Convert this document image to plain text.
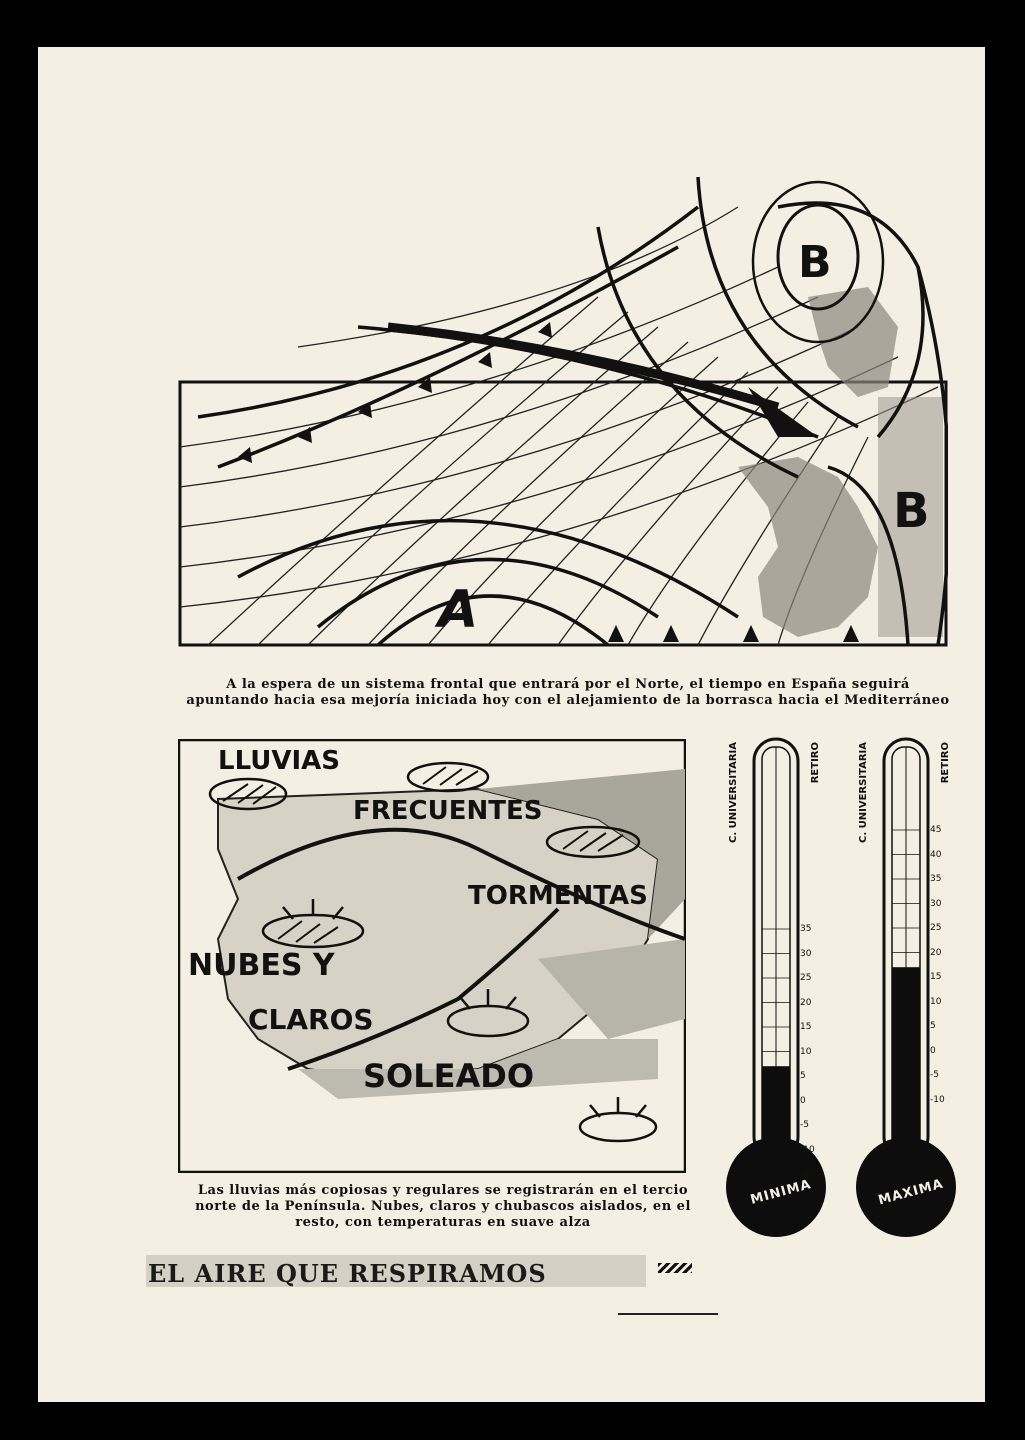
B
B
A
A la espera de un sistema frontal que entrará por el Norte, el tiempo en España seguirá apuntando hacia esa mejoría iniciada hoy con el alejamiento de la borrasca hacia el Mediterráneo
LLUVIAS
FRECUENTES
TORMENTAS
NUBES Y
CLAROS
SOLEADO
Las lluvias más copiosas y regulares se registrarán en el tercio norte de la Península. Nubes, claros y chubascos aislados, en el resto, con temperaturas en suave alza
C. UNIVERSITARIA	RETIRO
35
30
25
20
15
10
5
0
-5
-10
-15
MINIMA
C. UNIVERSITARIA	RETIRO
45
40
35
30
25
20
15
10
5
0
-5
-10
MAXIMA
EL AIRE QUE RESPIRAMOS
